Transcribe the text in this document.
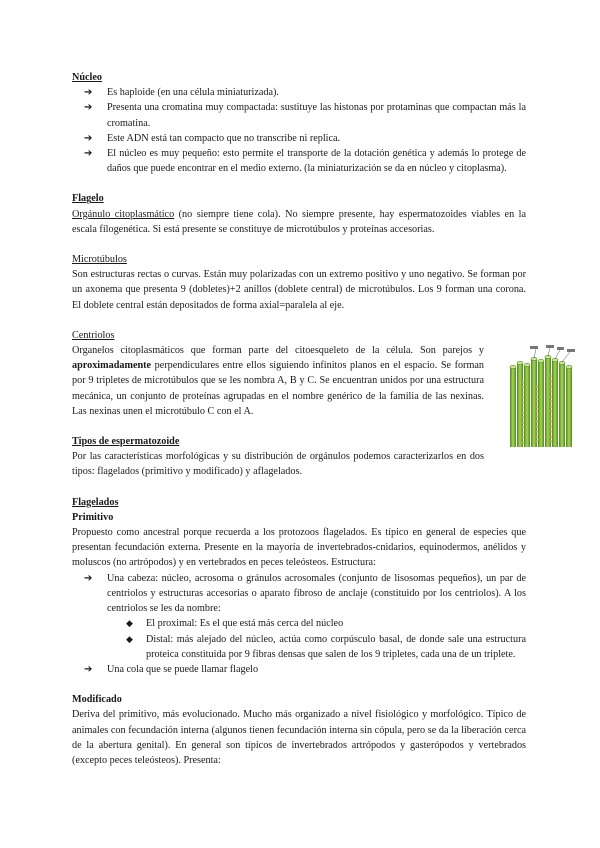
Núcleo

➔ Es haploide (en una célula miniaturizada).
➔ Presenta una cromatina muy compactada: sustituye las histonas por protaminas que compactan más la cromatina.
➔ Este ADN está tan compacto que no transcribe ni replica.
➔ El núcleo es muy pequeño: esto permite el transporte de la dotación genética y además lo protege de daños que puede encontrar en el medio externo. (la miniaturización se da en núcleo y citoplasma).

Flagelo

Orgánulo citoplasmático (no siempre tiene cola). No siempre presente, hay espermatozoides viables en la escala filogenética. Si está presente se constituye de microtúbulos y proteínas accesorias.

Microtúbulos

Son estructuras rectas o curvas. Están muy polarizadas con un extremo positivo y uno negativo. Se forman por un axonema que presenta 9 (dobletes)+2 anillos (doblete central) de microtúbulos. Los 9 forman una corona. El doblete central están depositados de forma axial=paralela al eje.

Centriolos

Organelos citoplasmáticos que forman parte del citoesqueleto de la célula. Son parejos y aproximadamente perpendiculares entre ellos siguiendo infinitos planos en el espacio. Se forman por 9 tripletes de microtúbulos que se les nombra A, B y C. Se encuentran unidos por una estructura mecánica, un conjunto de proteínas agrupadas en el nombre genérico de la familia de las nexinas. Las nexinas unen el microtúbulo C con el A.

Tipos de espermatozoide

Por las características morfológicas y su distribución de orgánulos podemos caracterizarlos en dos tipos: flagelados (primitivo y modificado) y aflagelados.

Flagelados

Primitivo

Propuesto como ancestral porque recuerda a los protozoos flagelados. Es típico en general de especies que presentan fecundación externa. Presente en la mayoría de invertebrados-cnidarios, equinodermos, anélidos y moluscos (no artrópodos) y en vertebrados en peces teleósteos. Estructura:

➔ Una cabeza: núcleo, acrosoma o gránulos acrosomales (conjunto de lisosomas pequeños), un par de centriolos y estructuras accesorias o aparato fibroso de anclaje (constituido por los centriolos). A los centriolos se les da nombre:
◆ El proximal: Es el que está más cerca del núcleo
◆ Distal: más alejado del núcleo, actúa como corpúsculo basal, de donde sale una estructura proteica constituida por 9 fibras densas que salen de los 9 tripletes, cada una de un triplete.
➔ Una cola que se puede llamar flagelo

Modificado

Deriva del primitivo, más evolucionado. Mucho más organizado a nivel fisiológico y morfológico. Típico de animales con fecundación interna (algunos tienen fecundación interna sin cópula, pero se da la liberación cerca de la abertura genital). En general son típicos de invertebrados artrópodos y gasterópodos y vertebrados (excepto peces teleósteos). Presenta:
